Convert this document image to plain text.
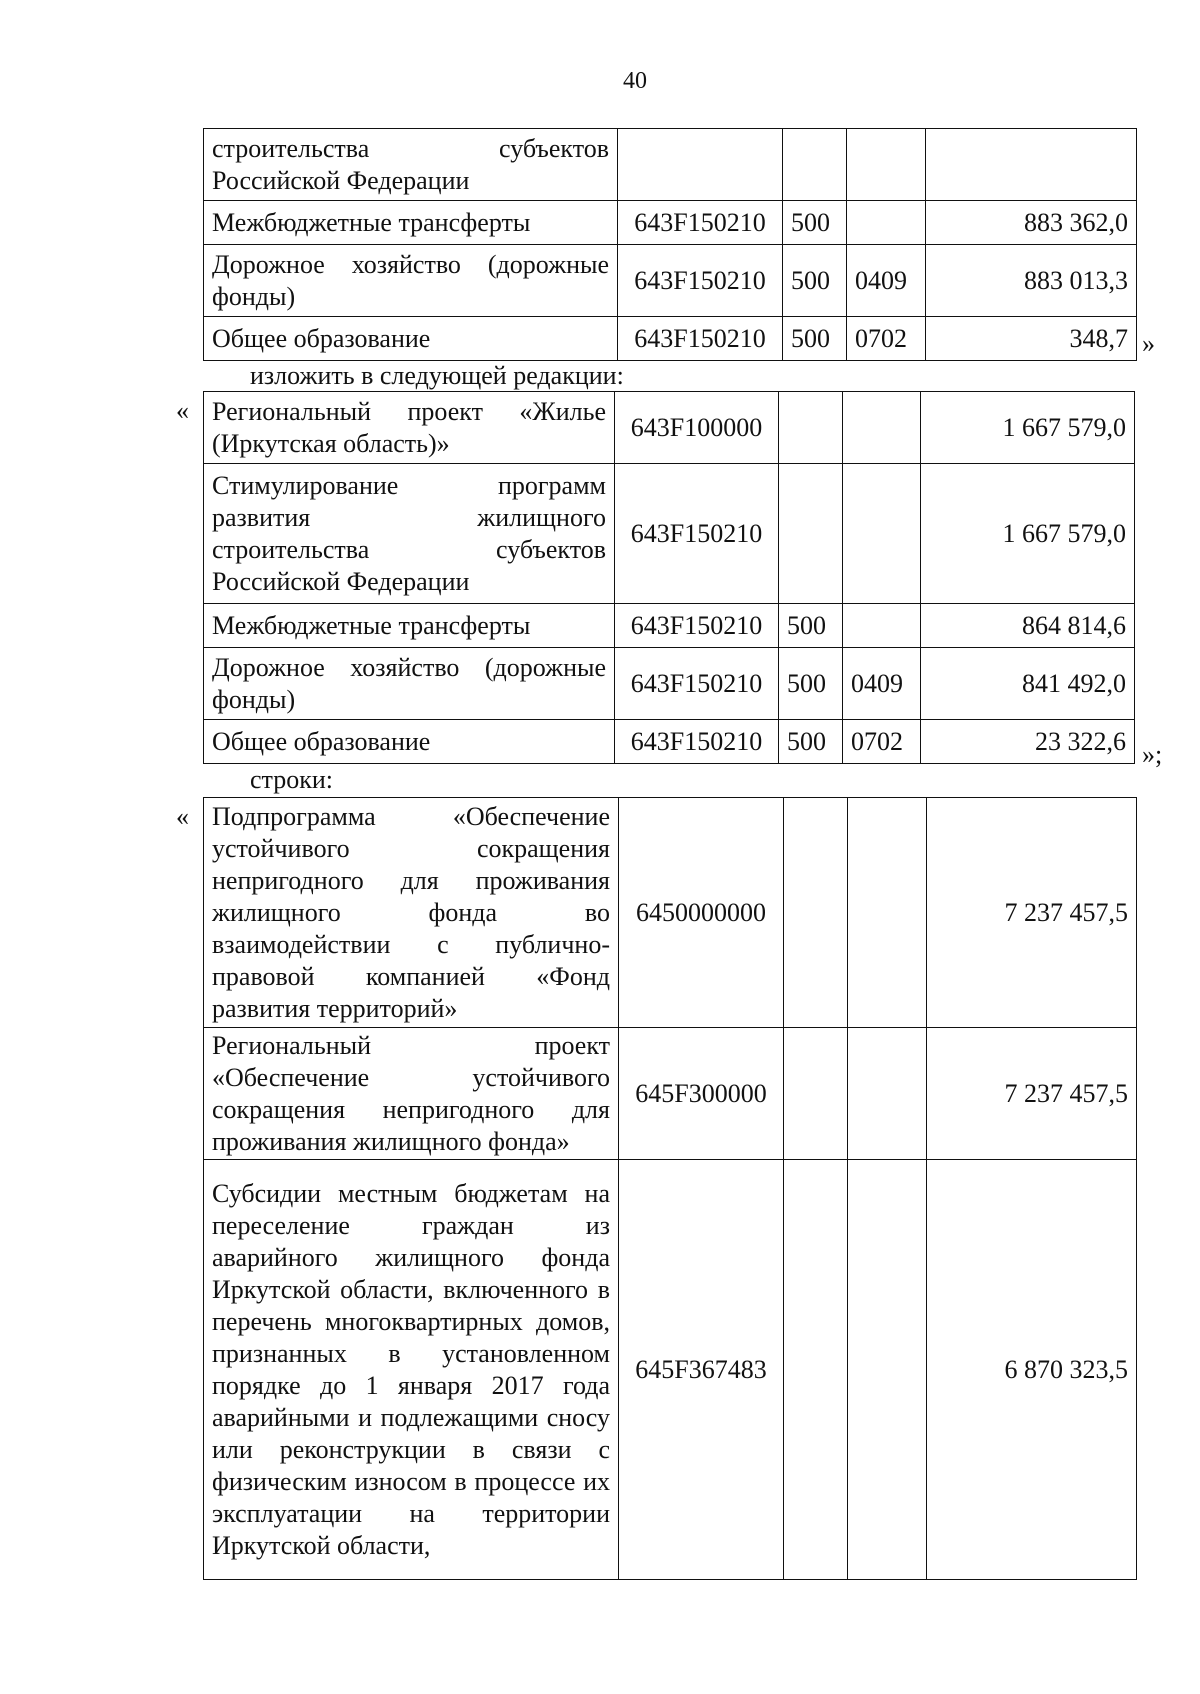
40
строительства субъектов Российской Федерации				
Межбюджетные трансферты	643F150210	500		883 362,0
Дорожное хозяйство (дорожные фонды)	643F150210	500	0409	883 013,3
Общее образование	643F150210	500	0702	348,7 »
изложить в следующей редакции:
« Региональный проект «Жилье (Иркутская область)»	643F100000			1 667 579,0
Стимулирование программ развития жилищного строительства субъектов Российской Федерации	643F150210			1 667 579,0
Межбюджетные трансферты	643F150210	500		864 814,6
Дорожное хозяйство (дорожные фонды)	643F150210	500	0409	841 492,0
Общее образование	643F150210	500	0702	23 322,6 »;
строки:
« Подпрограмма «Обеспечение устойчивого сокращения непригодного для проживания жилищного фонда во взаимодействии с публично-правовой компанией «Фонд развития территорий»	6450000000			7 237 457,5
Региональный проект «Обеспечение устойчивого сокращения непригодного для проживания жилищного фонда»	645F300000			7 237 457,5
Субсидии местным бюджетам на переселение граждан из аварийного жилищного фонда Иркутской области, включенного в перечень многоквартирных домов, признанных в установленном порядке до 1 января 2017 года аварийными и подлежащими сносу или реконструкции в связи с физическим износом в процессе их эксплуатации на территории Иркутской области,	645F367483			6 870 323,5
